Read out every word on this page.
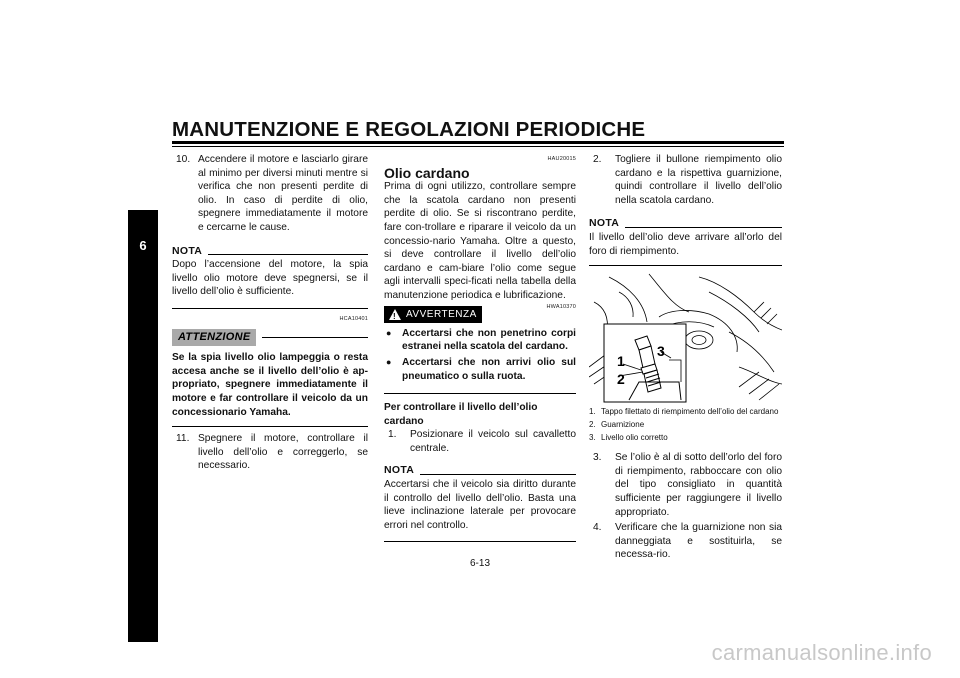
MANUTENZIONE E REGOLAZIONI PERIODICHE
6
10. Accendere il motore e lasciarlo girare al minimo per diversi minuti mentre si verifica che non presenti perdite di olio. In caso di perdite di olio, spegnere immediatamente il motore e cercarne le cause.
NOTA

Dopo l’accensione del motore, la spia livello olio motore deve spegnersi, se il livello dell’olio è sufficiente.

HCA10401
ATTENZIONE

Se la spia livello olio lampeggia o resta accesa anche se il livello dell’olio è ap-propriato, spegnere immediatamente il motore e far controllare il veicolo da un concessionario Yamaha.

11. Spegnere il motore, controllare il livello dell’olio e correggerlo, se necessario.
HAU20015
Olio cardano

Prima di ogni utilizzo, controllare sempre che la scatola cardano non presenti perdite di olio. Se si riscontrano perdite, fare con-trollare e riparare il veicolo da un concessio-nario Yamaha. Oltre a questo, si deve controllare il livello dell’olio cardano e cam-biare l’olio come segue agli intervalli speci-ficati nella tabella della manutenzione periodica e lubrificazione.

! AVVERTENZA
HWA10370
●	Accertarsi che non penetrino corpi estranei nella scatola del cardano.
●	Accertarsi che non arrivi olio sul pneumatico o sulla ruota.
Per controllare il livello dell’olio cardano
1.	Posizionare il veicolo sul cavalletto centrale.
NOTA

Accertarsi che il veicolo sia diritto durante il controllo del livello dell’olio. Basta una lieve inclinazione laterale per provocare errori nel controllo.

2.	Togliere il bullone riempimento olio cardano e la rispettiva guarnizione, quindi controllare il livello dell’olio nella scatola cardano.
NOTA

Il livello dell’olio deve arrivare all’orlo del foro di riempimento.

1
2
3
1. Tappo filettato di riempimento dell’olio del cardano
2. Guarnizione
3. Livello olio corretto
3.	Se l’olio è al di sotto dell’orlo del foro di riempimento, rabboccare con olio del tipo consigliato in quantità sufficiente per raggiungere il livello appropriato.
4.	Verificare che la guarnizione non sia danneggiata e sostituirla, se necessa-rio.
6-13
carmanualsonline.info
